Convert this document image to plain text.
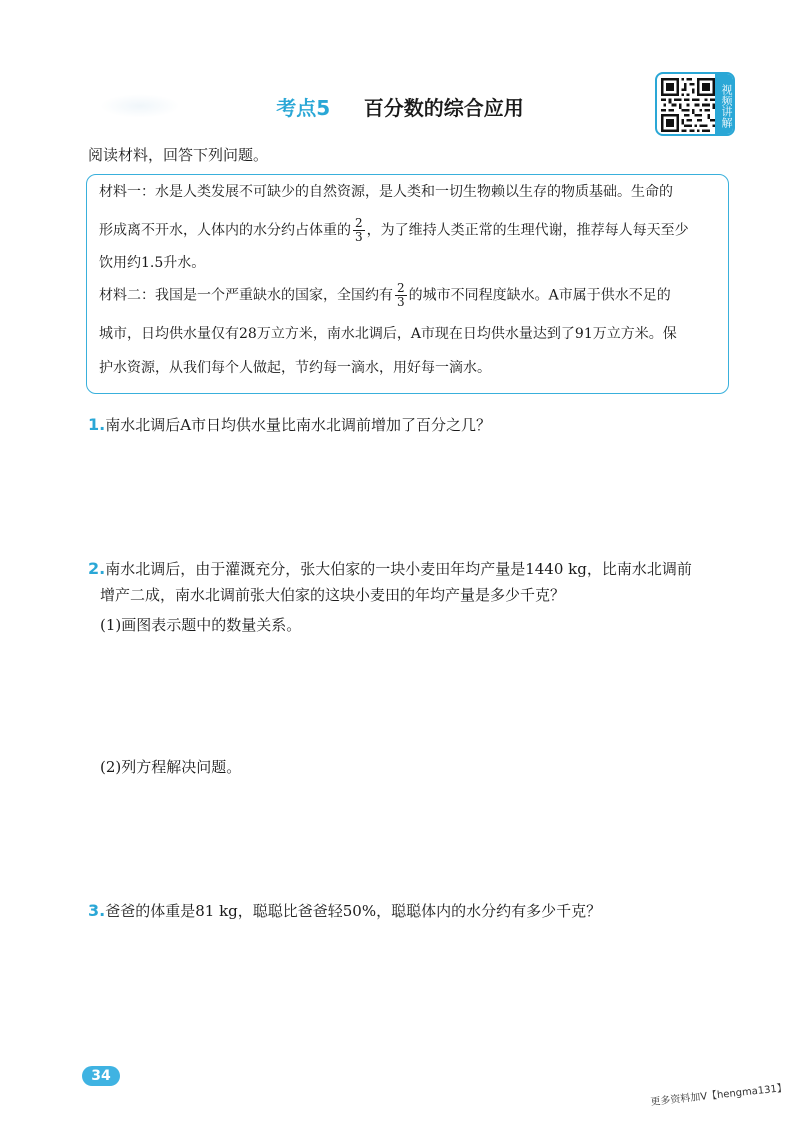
考点5 百分数的综合应用	视频讲解
阅读材料，回答下列问题。

材料一：水是人类发展不可缺少的自然资源，是人类和一切生物赖以生存的物质基础。生命的

形成离不开水，人体内的水分约占体重的 $\frac{2}{3}$ ，为了维持人类正常的生理代谢，推荐每人每天至少

饮用约1.5升水。

材料二：我国是一个严重缺水的国家，全国约有 $\frac{2}{3}$ 的城市不同程度缺水。A市属于供水不足的

城市，日均供水量仅有28万立方米，南水北调后，A市现在日均供水量达到了91万立方米。保

护水资源，从我们每个人做起，节约每一滴水，用好每一滴水。

1.南水北调后A市日均供水量比南水北调前增加了百分之几？
2.南水北调后，由于灌溉充分，张大伯家的一块小麦田年均产量是1440 kg，比南水北调前
增产二成，南水北调前张大伯家的这块小麦田的年均产量是多少千克？
(1)画图表示题中的数量关系。
(2)列方程解决问题。
3.爸爸的体重是81 kg，聪聪比爸爸轻50%，聪聪体内的水分约有多少千克？
34
更多资料加V【hengma131】
